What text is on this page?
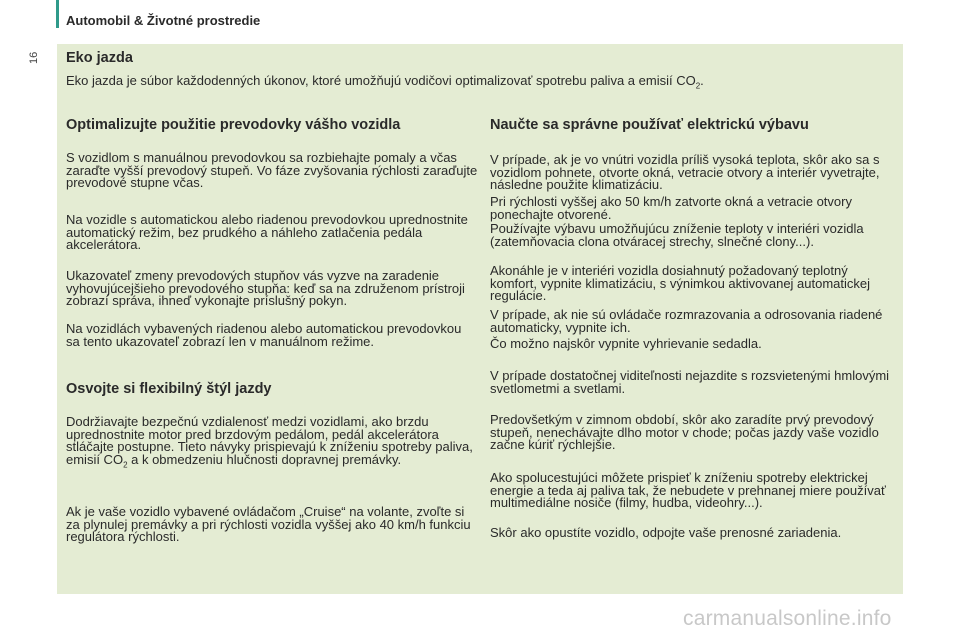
16
Automobil & Životné prostredie
Eko jazda
Eko jazda je súbor každodenných úkonov, ktoré umožňujú vodičovi optimalizovať spotrebu paliva a emisií $CO_2$.
Optimalizujte použitie prevodovky vášho vozidla
S vozidlom s manuálnou prevodovkou sa rozbiehajte pomaly a včas zaraďte vyšší prevodový stupeň. Vo fáze zvyšovania rýchlosti zaraďujte prevodové stupne včas.
Na vozidle s automatickou alebo riadenou prevodovkou uprednostnite automatický režim, bez prudkého a náhleho zatlačenia pedála akcelerátora.
Ukazovateľ zmeny prevodových stupňov vás vyzve na zaradenie vyhovujúcejšieho prevodového stupňa: keď sa na združenom prístroji zobrazí správa, ihneď vykonajte príslušný pokyn.
Na vozidlách vybavených riadenou alebo automatickou prevodovkou sa tento ukazovateľ zobrazí len v manuálnom režime.
Osvojte si flexibilný štýl jazdy
Dodržiavajte bezpečnú vzdialenosť medzi vozidlami, ako brzdu uprednostnite motor pred brzdovým pedálom, pedál akcelerátora stláčajte postupne. Tieto návyky prispievajú k zníženiu spotreby paliva, emisií $CO_2$ a k obmedzeniu hlučnosti dopravnej premávky.
Ak je vaše vozidlo vybavené ovládačom „Cruise“ na volante, zvoľte si za plynulej premávky a pri rýchlosti vozidla vyššej ako 40 km/h funkciu regulátora rýchlosti.
Naučte sa správne používať elektrickú výbavu
V prípade, ak je vo vnútri vozidla príliš vysoká teplota, skôr ako sa s vozidlom pohnete, otvorte okná, vetracie otvory a interiér vyvetrajte, následne použite klimatizáciu.
Pri rýchlosti vyššej ako 50 km/h zatvorte okná a vetracie otvory ponechajte otvorené.
Používajte výbavu umožňujúcu zníženie teploty v interiéri vozidla (zatemňovacia clona otváracej strechy, slnečné clony...).
Akonáhle je v interiéri vozidla dosiahnutý požadovaný teplotný komfort, vypnite klimatizáciu, s výnimkou aktivovanej automatickej regulácie.
V prípade, ak nie sú ovládače rozmrazovania a odrosovania riadené automaticky, vypnite ich.
Čo možno najskôr vypnite vyhrievanie sedadla.
V prípade dostatočnej viditeľnosti nejazdite s rozsvietenými hmlovými svetlometmi a svetlami.
Predovšetkým v zimnom období, skôr ako zaradíte prvý prevodový stupeň, nenechávajte dlho motor v chode; počas jazdy vaše vozidlo začne kúriť rýchlejšie.
Ako spolucestujúci môžete prispieť k zníženiu spotreby elektrickej energie a teda aj paliva tak, že nebudete v prehnanej miere používať multimediálne nosiče (filmy, hudba, videohry...).
Skôr ako opustíte vozidlo, odpojte vaše prenosné zariadenia.
carmanualsonline.info
